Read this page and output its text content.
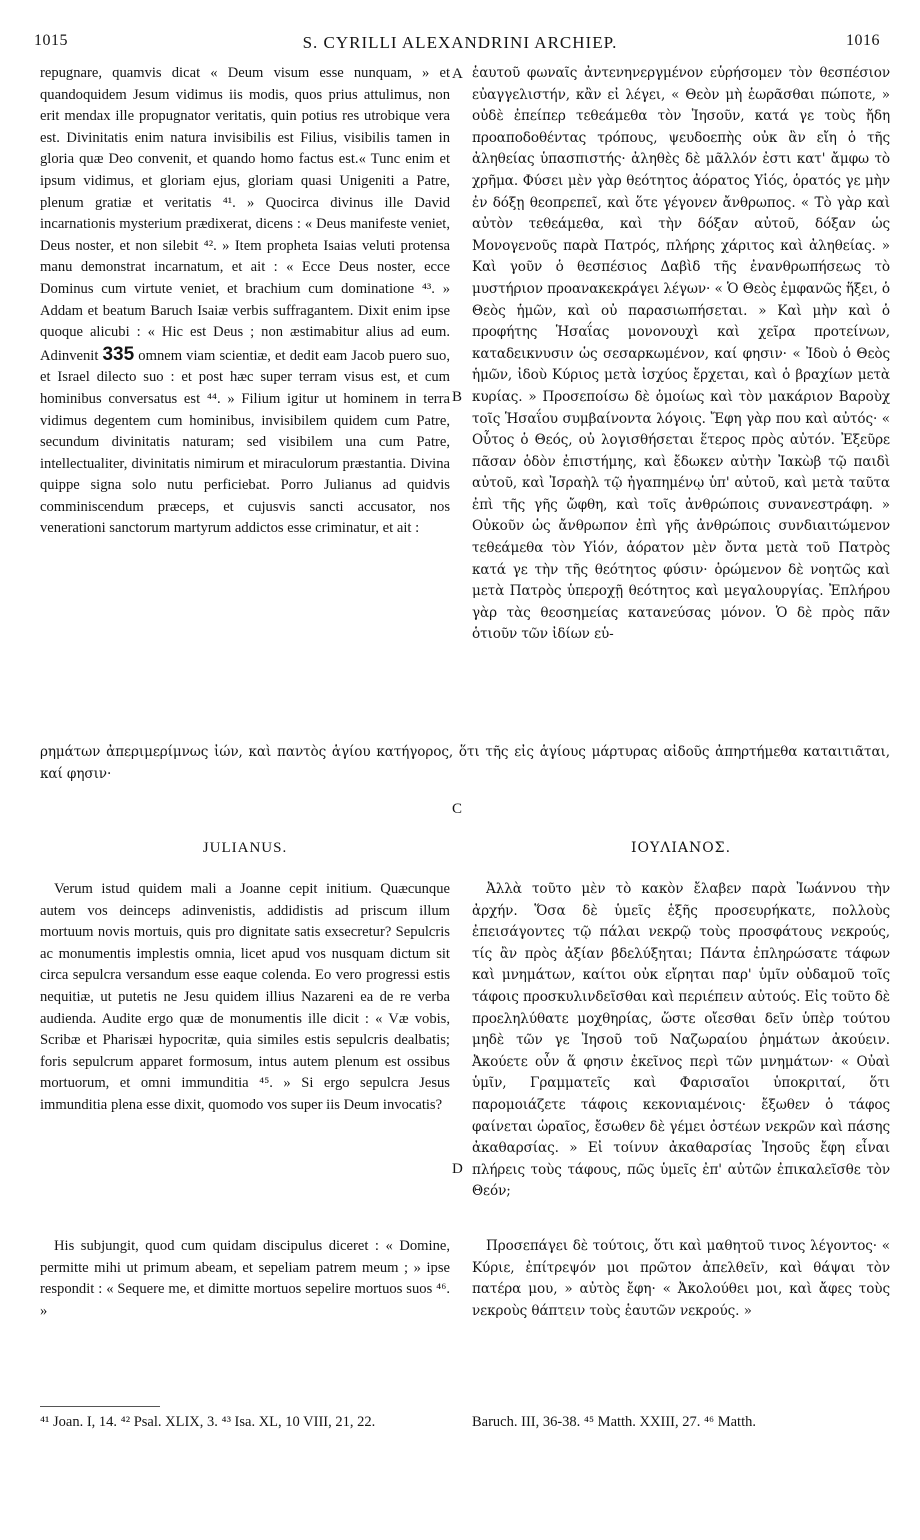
1015	S. CYRILLI ALEXANDRINI ARCHIEP.	1016
A
B
C
D

repugnare, quamvis dicat « Deum visum esse nunquam, » et quandoquidem Jesum vidimus iis modis, quos prius attulimus, non erit mendax ille propugnator veritatis, quin potius res utrobique vera est. Divinitatis enim natura invisibilis est Filius, visibilis tamen in gloria quæ Deo convenit, et quando homo factus est.« Tunc enim et ipsum vidimus, et gloriam ejus, gloriam quasi Unigeniti a Patre, plenum gratiæ et veritatis ⁴¹. » Quocirca divinus ille David incarnationis mysterium prædixerat, dicens : « Deus manifeste veniet, Deus noster, et non silebit ⁴². » Item propheta Isaias veluti protensa manu demonstrat incarnatum, et ait : « Ecce Deus noster, ecce Dominus cum virtute veniet, et brachium cum dominatione ⁴³. » Addam et beatum Baruch Isaiæ verbis suffragantem. Dixit enim ipse quoque alicubi : « Hic est Deus ; non æstimabitur alius ad eum. Adinvenit 335 omnem viam scientiæ, et dedit eam Jacob puero suo, et Israel dilecto suo : et post hæc super terram visus est, et cum hominibus conversatus est ⁴⁴. » Filium igitur ut hominem in terra vidimus degentem cum hominibus, invisibilem quidem cum Patre, secundum divinitatis naturam; sed visibilem una cum Patre, intellectualiter, divinitatis nimirum et miraculorum præstantia. Divina quippe signa solo nutu perficiebat. Porro Julianus ad quidvis comminiscendum præceps, et cujusvis sancti accusator, nos venerationi sanctorum martyrum addictos esse criminatur, et ait :

ἑαυτοῦ φωναῖς ἀντενηνεργμένον εὑρήσομεν τὸν θεσπέσιον εὐαγγελιστήν, κἂν εἰ λέγει, « Θεὸν μὴ ἑωρᾶσθαι πώποτε, » οὐδὲ ἐπείπερ τεθεάμεθα τὸν Ἰησοῦν, κατά γε τοὺς ἤδη προαποδοθέντας τρόπους, ψευδοεπὴς οὐκ ἂν εἴη ὁ τῆς ἀληθείας ὑπασπιστής· ἀληθὲς δὲ μᾶλλόν ἐστι κατ' ἄμφω τὸ χρῆμα. Φύσει μὲν γὰρ θεότητος ἀόρατος Υἱός, ὁρατός γε μὴν ἐν δόξῃ θεοπρεπεῖ, καὶ ὅτε γέγονεν ἄνθρωπος. « Τὸ γὰρ καὶ αὐτὸν τεθεάμεθα, καὶ τὴν δόξαν αὐτοῦ, δόξαν ὡς Μονογενοῦς παρὰ Πατρός, πλήρης χάριτος καὶ ἀληθείας. » Καὶ γοῦν ὁ θεσπέσιος Δαβὶδ τῆς ἐνανθρωπήσεως τὸ μυστήριον προανακεκράγει λέγων· « Ὁ Θεὸς ἐμφανῶς ἥξει, ὁ Θεὸς ἡμῶν, καὶ οὐ παρασιωπήσεται. » Καὶ μὴν καὶ ὁ προφήτης Ἡσαΐας μονονουχὶ καὶ χεῖρα προτείνων, καταδεικνυσιν ὡς σεσαρκωμένον, καί φησιν· « Ἰδοὺ ὁ Θεὸς ἡμῶν, ἰδοὺ Κύριος μετὰ ἰσχύος ἔρχεται, καὶ ὁ βραχίων μετὰ κυρίας. » Προσεποίσω δὲ ὁμοίως καὶ τὸν μακάριον Βαροὺχ τοῖς Ἡσαΐου συμβαίνοντα λόγοις. Ἔφη γὰρ που καὶ αὐτός· « Οὗτος ὁ Θεός, οὐ λογισθήσεται ἕτερος πρὸς αὐτόν. Ἐξεῦρε πᾶσαν ὁδὸν ἐπιστήμης, καὶ ἔδωκεν αὐτὴν Ἰακὼβ τῷ παιδὶ αὐτοῦ, καὶ Ἰσραὴλ τῷ ἠγαπημένῳ ὑπ' αὐτοῦ, καὶ μετὰ ταῦτα ἐπὶ τῆς γῆς ὤφθη, καὶ τοῖς ἀνθρώποις συνανεστράφη. » Οὐκοῦν ὡς ἄνθρωπον ἐπὶ γῆς ἀνθρώποις συνδιαιτώμενον τεθεάμεθα τὸν Υἱόν, ἀόρατον μὲν ὄντα μετὰ τοῦ Πατρὸς κατά γε τὴν τῆς θεότητος φύσιν· ὁρώμενον δὲ νοητῶς καὶ μετὰ Πατρὸς ὑπεροχῇ θεότητος καὶ μεγαλουργίας. Ἐπλήρου γὰρ τὰς θεοσημείας κατανεύσας μόνον. Ὁ δὲ πρὸς πᾶν ὁτιοῦν τῶν ἰδίων εὑ-

ρημάτων ἀπεριμερίμνως ἰών, καὶ παντὸς ἁγίου κατήγορος, ὅτι τῆς εἰς ἁγίους μάρτυρας αἰδοῦς ἀπηρτήμεθα καταιτιᾶται, καί φησιν·
JULIANUS.	ΙΟΥΛΙΑΝΟΣ.

Verum istud quidem mali a Joanne cepit initium. Quæcunque autem vos deinceps adinvenistis, addidistis ad priscum illum mortuum novis mortuis, quis pro dignitate satis exsecretur? Sepulcris ac monumentis implestis omnia, licet apud vos nusquam dictum sit circa sepulcra versandum esse eaque colenda. Eo vero progressi estis nequitiæ, ut putetis ne Jesu quidem illius Nazareni ea de re verba audienda. Audite ergo quæ de monumentis ille dicit : « Væ vobis, Scribæ et Pharisæi hypocritæ, quia similes estis sepulcris dealbatis; foris sepulcrum apparet formosum, intus autem plenum est ossibus mortuorum, et omni immunditia ⁴⁵. » Si ergo sepulcra Jesus immunditia plena esse dixit, quomodo vos super iis Deum invocatis?

Ἀλλὰ τοῦτο μὲν τὸ κακὸν ἔλαβεν παρὰ Ἰωάννου τὴν ἀρχήν. Ὅσα δὲ ὑμεῖς ἑξῆς προσευρήκατε, πολλοὺς ἐπεισάγοντες τῷ πάλαι νεκρῷ τοὺς προσφάτους νεκρούς, τίς ἂν πρὸς ἀξίαν βδελύξηται; Πάντα ἐπληρώσατε τάφων καὶ μνημάτων, καίτοι οὐκ εἴρηται παρ' ὑμῖν οὐδαμοῦ τοῖς τάφοις προσκυλινδεῖσθαι καὶ περιέπειν αὐτούς. Εἰς τοῦτο δὲ προεληλύθατε μοχθηρίας, ὥστε οἴεσθαι δεῖν ὑπὲρ τούτου μηδὲ τῶν γε Ἰησοῦ τοῦ Ναζωραίου ῥημάτων ἀκούειν. Ἀκούετε οὖν ἅ φησιν ἐκεῖνος περὶ τῶν μνημάτων· « Οὐαὶ ὑμῖν, Γραμματεῖς καὶ Φαρισαῖοι ὑποκριταί, ὅτι παρομοιάζετε τάφοις κεκονιαμένοις· ἔξωθεν ὁ τάφος φαίνεται ὡραῖος, ἔσωθεν δὲ γέμει ὀστέων νεκρῶν καὶ πάσης ἀκαθαρσίας. » Εἰ τοίνυν ἀκαθαρσίας Ἰησοῦς ἔφη εἶναι πλήρεις τοὺς τάφους, πῶς ὑμεῖς ἐπ' αὐτῶν ἐπικαλεῖσθε τὸν Θεόν;

His subjungit, quod cum quidam discipulus diceret : « Domine, permitte mihi ut primum abeam, et sepeliam patrem meum ; » ipse respondit : « Sequere me, et dimitte mortuos sepelire mortuos suos ⁴⁶. »

Προσεπάγει δὲ τούτοις, ὅτι καὶ μαθητοῦ τινος λέγοντος· « Κύριε, ἐπίτρεψόν μοι πρῶτον ἀπελθεῖν, καὶ θάψαι τὸν πατέρα μου, » αὐτὸς ἔφη· « Ἀκολούθει μοι, καὶ ἄφες τοὺς νεκροὺς θάπτειν τοὺς ἑαυτῶν νεκρούς. »

⁴¹ Joan. I, 14. ⁴² Psal. XLIX, 3. ⁴³ Isa. XL, 10 VIII, 21, 22.	Baruch. III, 36-38. ⁴⁵ Matth. XXIII, 27. ⁴⁶ Matth.
